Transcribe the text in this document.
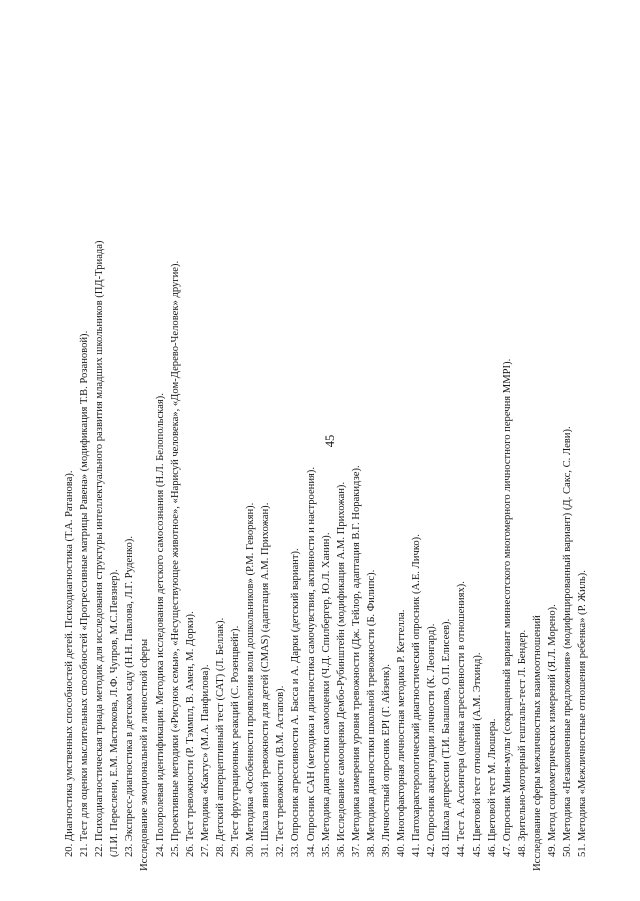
45
20. Диагностика умственных способностей детей. Психодиагностика (Т.А. Ратанова). 21. Тест для оценки мыслительных способностей «Прогрессивные матрицы Равена» (модификация Т.В. Розановой). 22. Психодиагностическая триада методик для исследования структуры интеллектуального развития младших школьников (ПД-Триада) (Л.И. Переслени, Е.М. Мастюкова, Л.Ф. Чупров, М.С.Певзнер). 23. Экспресс-диагностика в детском саду (Н.Н. Павлова, Л.Г. Руденко). Исследование эмоциональной и личностной сферы 24. Полоролевая идентификация. Методика исследования детского самосознания (Н.Л. Белопольская). 25. Проективные методики («Рисунок семьи», «Несуществующее животное», «Нарисуй человека», «Дом-Дерево-Человек» другие). 26. Тест тревожности (Р. Тэммпл, В. Амен, М. Дорки). 27. Методика «Кактус» (М.А. Панфилова). 28. Детский апперцептивный тест (САТ) (Л. Беллак). 29. Тест фрустрационных реакций (С. Розенцвейг). 30. Методика «Особенности проявления воли дошкольников» (Р.М. Геворкян). 31. Шкала явной тревожности для детей (CMAS) (адаптация А.М. Прихожан). 32. Тест тревожности (В.М. Астапов). 33. Опросник агрессивности А. Басса и А. Дарки (детский вариант). 34. Опросник САН (методика и диагностика самочувствия, активности и настроения). 35. Методика диагностики самооценки (Ч.Д. Спилбергер, Ю.Л. Ханин). 36. Исследование самооценки Дембо-Рубинштейн (модификация А.М. Прихожан). 37. Методика измерения уровня тревожности (Дж. Тейлор, адаптация В.Г. Норакидзе). 38. Методика диагностики школьной тревожности (Б. Филипс). 39. Личностный опросник EPI (Г. Айзенк). 40. Многофакторная личностная методика Р. Кеттелла. 41. Патохарактерологический диагностический опросник (А.Е. Личко). 42. Опросник акцентуации личности (К. Леонгард). 43. Шкала депрессии (Т.И. Балашова, О.П. Елисеев). 44. Тест А. Ассингера (оценка агрессивности в отношениях). 45. Цветовой тест отношений (А.М. Эткинд). 46. Цветовой тест М. Люшера. 47. Опросник Мини-мульт (сокращенный вариант миннесотского многомерного личностного перечня MMPI). 48. Зрительно-моторный гештальт-тест Л. Бендер. Исследование сферы межличностных взаимоотношений 49. Метод социометрических измерений (Я.Л. Морено). 50. Методика «Незаконченные предложения» (модифицированный вариант) (Д. Сакс, С. Леви). 51. Методика «Межличностные отношения ребенка» (Р. Жиль).
